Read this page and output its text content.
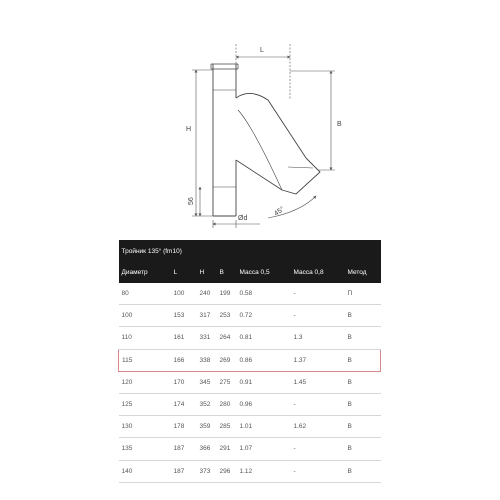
L
H
B
56
Ød
45°
Тройник 135° (fm10)						
Диаметр	L	H	B	Масса 0,5	Масса 0,8	Метод
80	100	240	199	0.58	-	П
100	153	317	253	0.72	-	В
110	161	331	264	0.81	1.3	В
115	166	338	269	0.86	1.37	В
120	170	345	275	0.91	1.45	В
125	174	352	280	0.96	-	В
130	178	359	285	1.01	1.62	В
135	187	366	291	1.07	-	В
140	187	373	296	1.12	-	В
